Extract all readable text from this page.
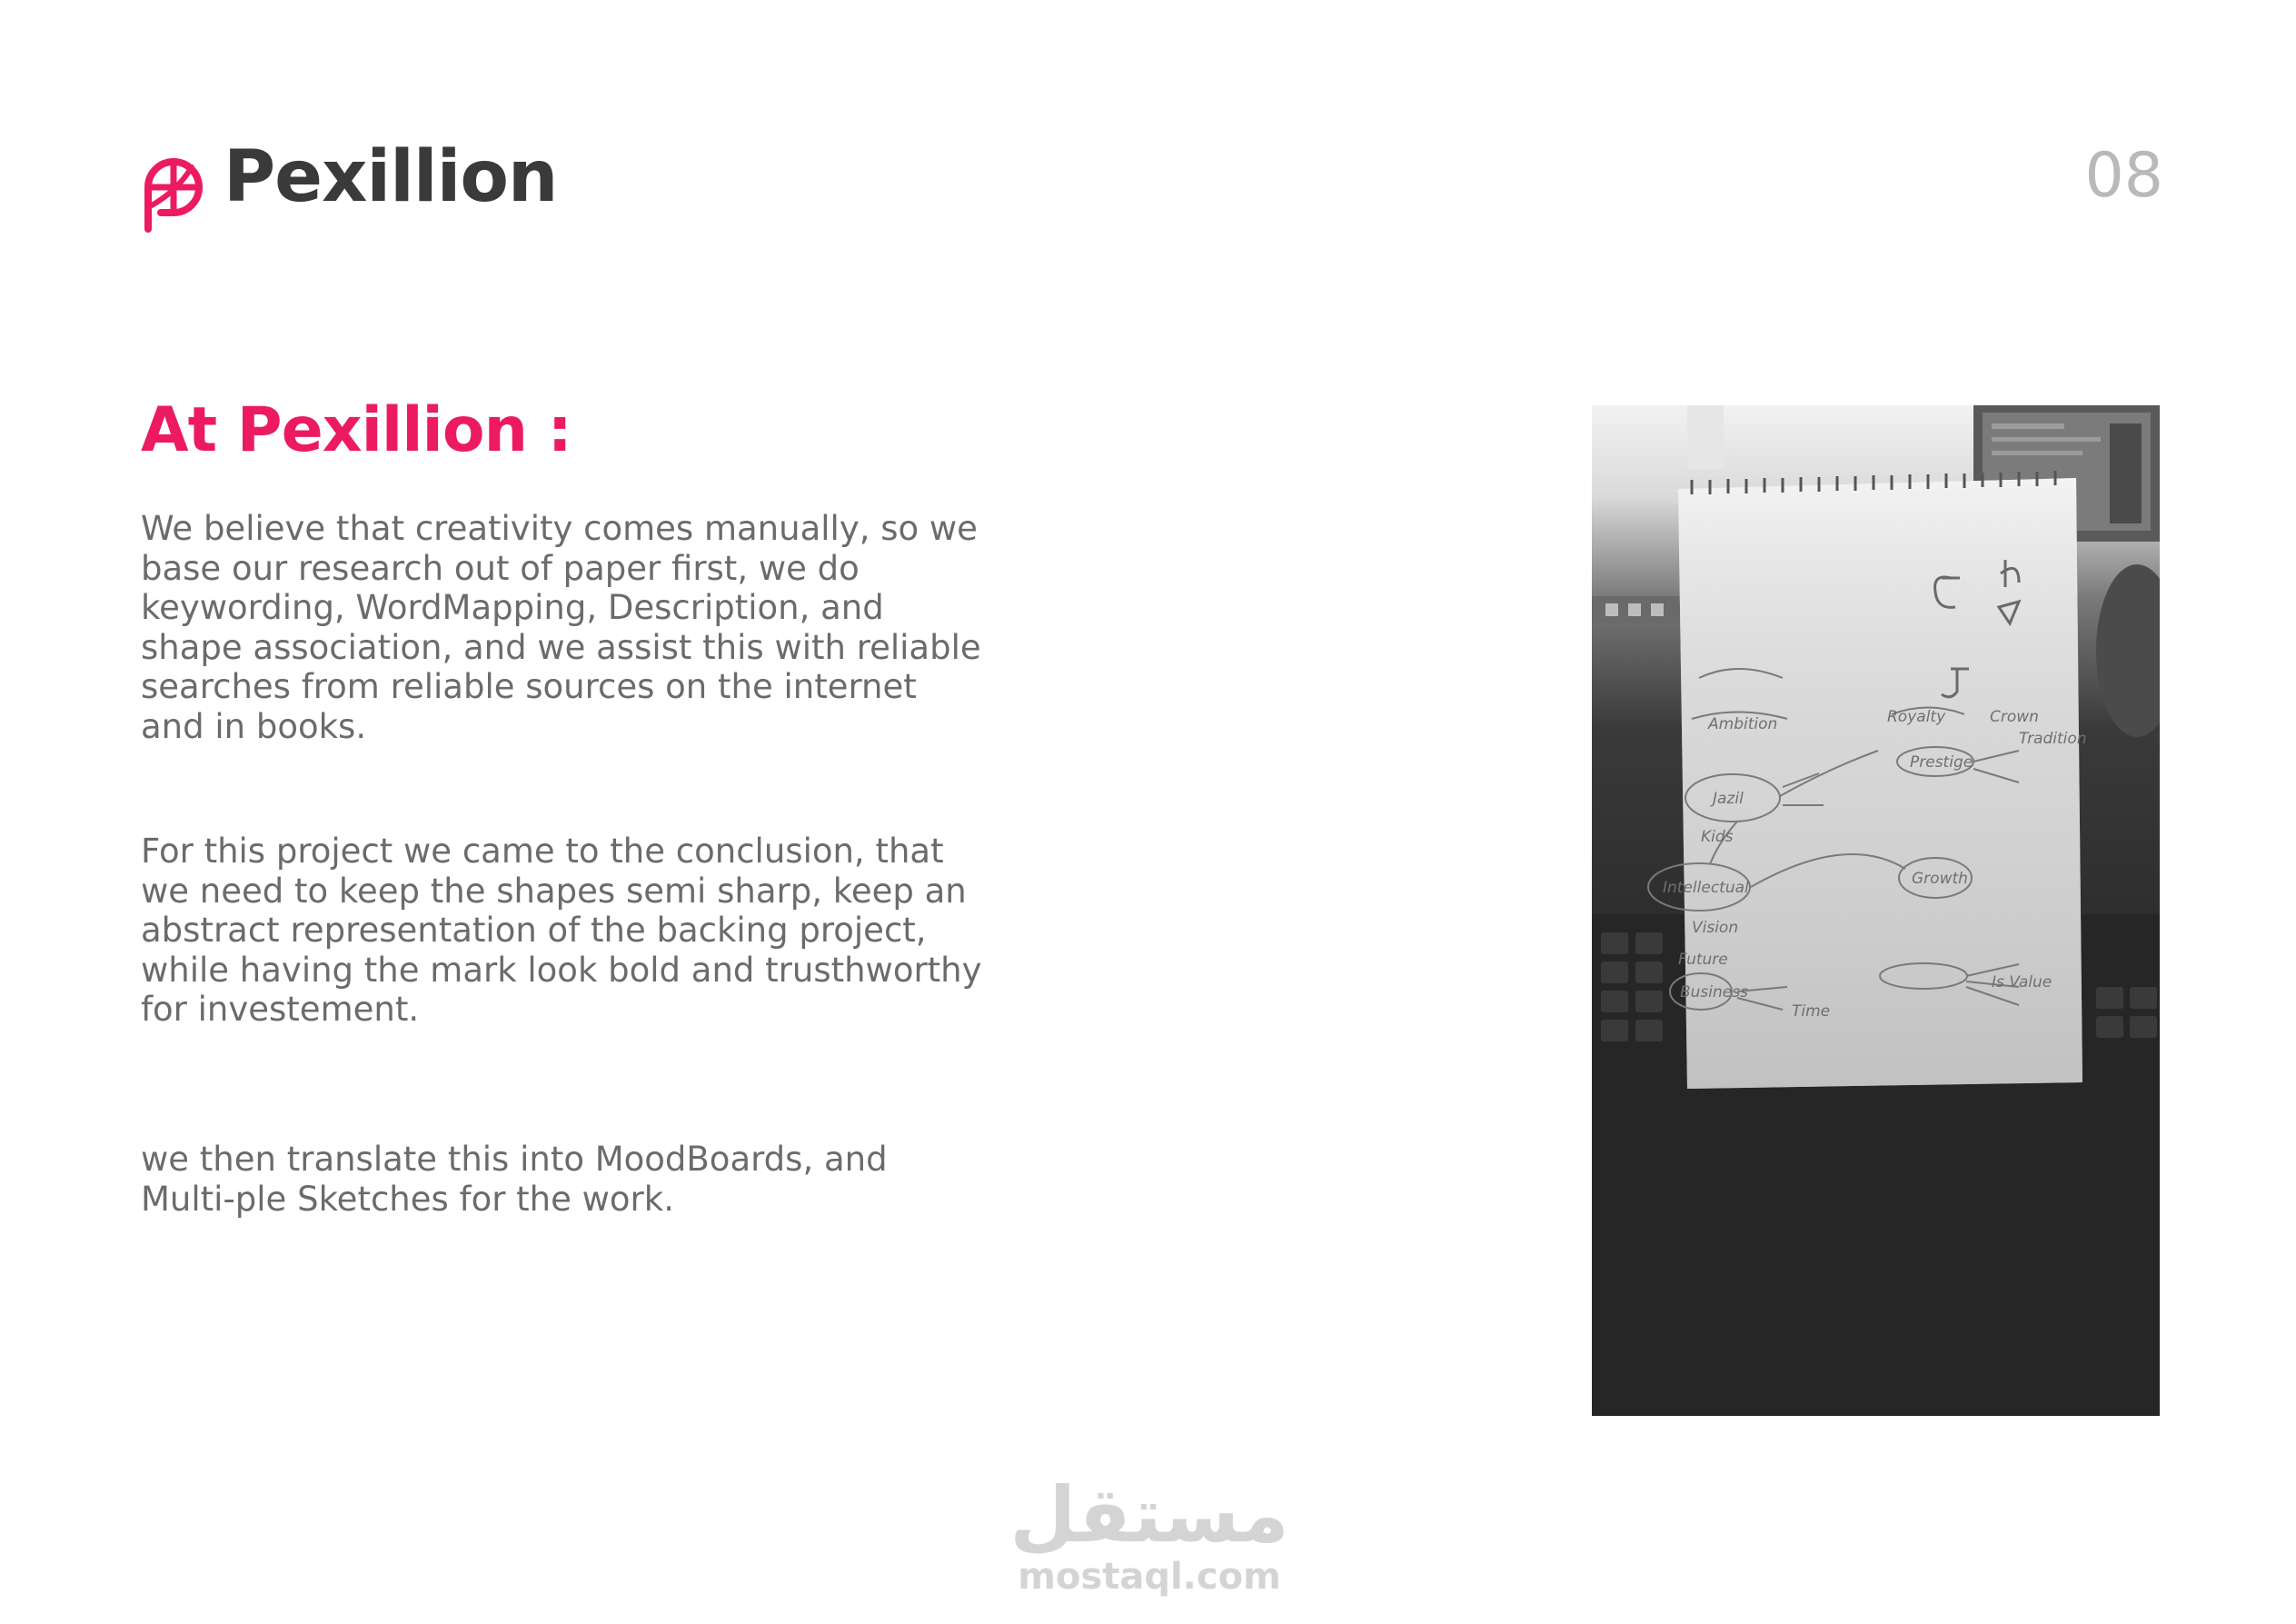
Pexillion	08
At Pexillion :

We believe that creativity comes manually, so we base our research out of paper first, we do keywording, WordMapping, Description, and shape association, and we assist this with reliable searches from reliable sources on the internet and in books.

For this project we came to the conclusion, that we need to keep the shapes semi sharp, keep an abstract representation of the backing project, while having the mark look bold and trusthworthy for investement.

we then translate this into MoodBoards, and Multi-ple Sketches for the work.

Ambition	Royalty	Crown
Tradition
Prestige
Jazil
Kids
Intellectual	Growth
Business
Is Value
Vision
Future
Time
مستقل
mostaql.com
